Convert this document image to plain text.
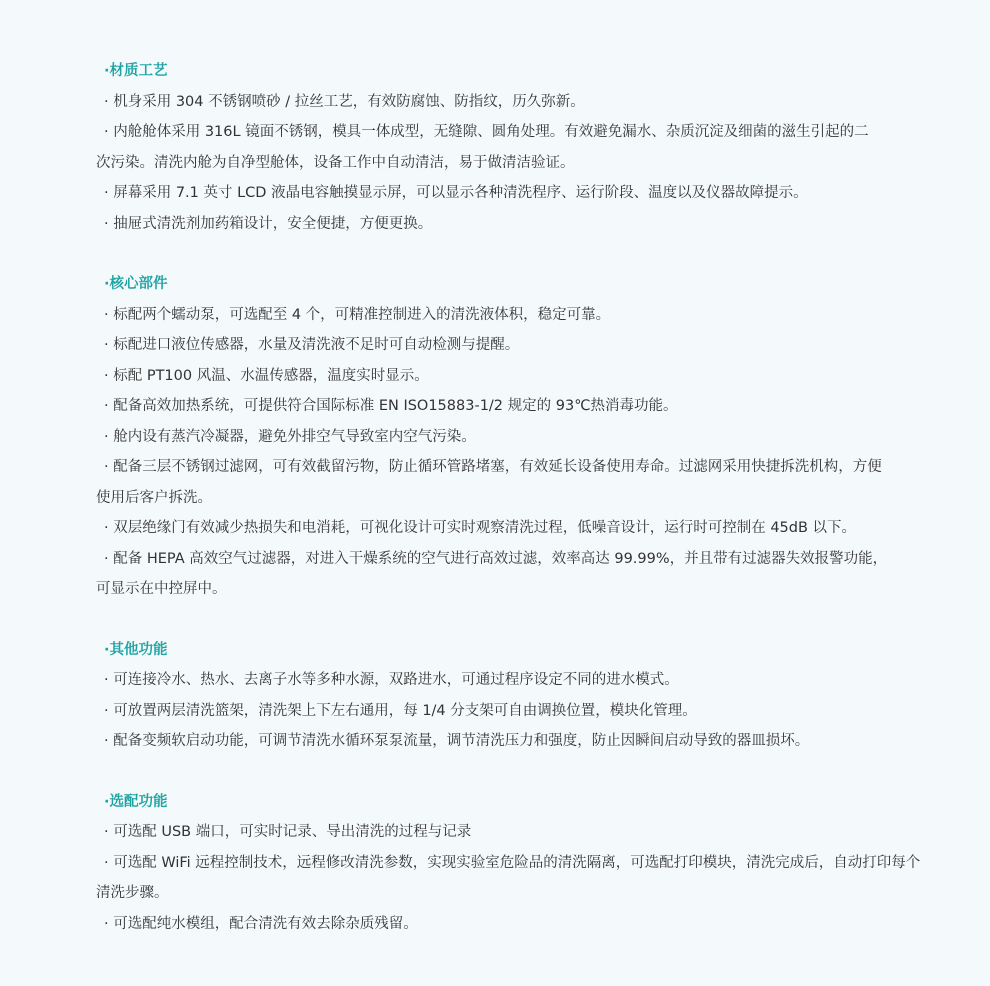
·材质工艺
· 机身采用 304 不锈钢喷砂 / 拉丝工艺，有效防腐蚀、防指纹，历久弥新。
· 内舱舱体采用 316L 镜面不锈钢，模具一体成型，无缝隙、圆角处理。有效避免漏水、杂质沉淀及细菌的滋生引起的二
次污染。清洗内舱为自净型舱体，设备工作中自动清洁，易于做清洁验证。
· 屏幕采用 7.1 英寸 LCD 液晶电容触摸显示屏，可以显示各种清洗程序、运行阶段、温度以及仪器故障提示。
· 抽屉式清洗剂加药箱设计，安全便捷，方便更换。
·核心部件
· 标配两个蠕动泵，可选配至 4 个，可精准控制进入的清洗液体积，稳定可靠。
· 标配进口液位传感器，水量及清洗液不足时可自动检测与提醒。
· 标配 PT100 风温、水温传感器，温度实时显示。
· 配备高效加热系统，可提供符合国际标准 EN ISO15883-1/2 规定的 93℃热消毒功能。
· 舱内设有蒸汽冷凝器，避免外排空气导致室内空气污染。
· 配备三层不锈钢过滤网，可有效截留污物，防止循环管路堵塞，有效延长设备使用寿命。过滤网采用快捷拆洗机构，方便
使用后客户拆洗。
· 双层绝缘门有效减少热损失和电消耗，可视化设计可实时观察清洗过程，低噪音设计，运行时可控制在 45dB 以下。
· 配备 HEPA 高效空气过滤器，对进入干燥系统的空气进行高效过滤，效率高达 99.99%，并且带有过滤器失效报警功能，
可显示在中控屏中。
·其他功能
· 可连接冷水、热水、去离子水等多种水源，双路进水，可通过程序设定不同的进水模式。
· 可放置两层清洗篮架，清洗架上下左右通用，每 1/4 分支架可自由调换位置，模块化管理。
· 配备变频软启动功能，可调节清洗水循环泵泵流量，调节清洗压力和强度，防止因瞬间启动导致的器皿损坏。
·选配功能
· 可选配 USB 端口，可实时记录、导出清洗的过程与记录
· 可选配 WiFi 远程控制技术，远程修改清洗参数，实现实验室危险品的清洗隔离，可选配打印模块，清洗完成后，自动打印每个
清洗步骤。
· 可选配纯水模组，配合清洗有效去除杂质残留。
